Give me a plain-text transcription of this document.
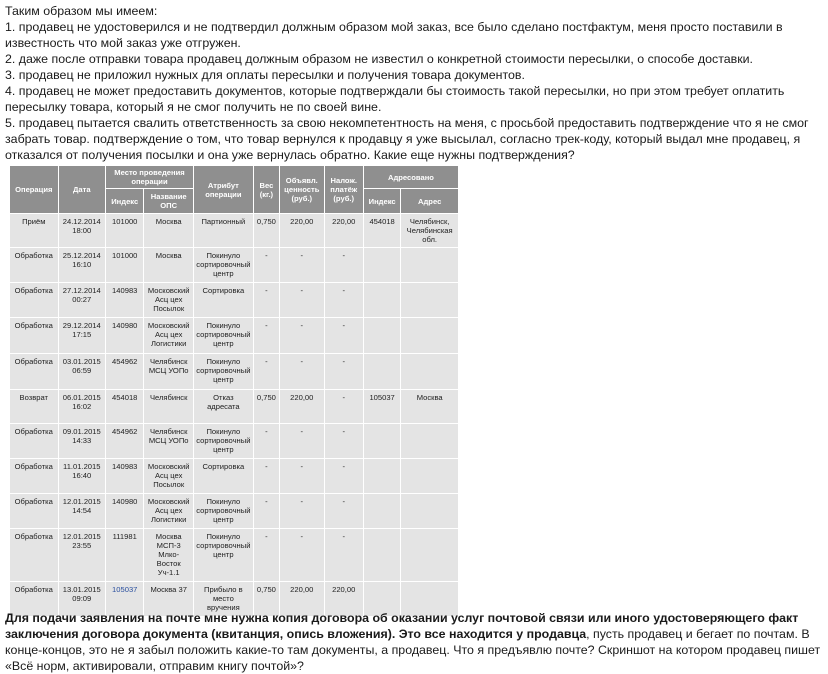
Таким образом мы имеем:

1. продавец не удостоверился и не подтвердил должным образом мой заказ, все было сделано постфактум, меня просто поставили в известность что мой заказ уже отгружен.

2. даже после отправки товара продавец должным образом не известил о конкретной стоимости пересылки, о способе доставки.

3. продавец не приложил нужных для оплаты пересылки и получения товара документов.

4. продавец не может предоставить документов, которые подтверждали бы стоимость такой пересылки, но при этом требует оплатить пересылку товара, который я не смог получить не по своей вине.

5. продавец пытается свалить ответственность за свою некомпетентность на меня, с просьбой предоставить подтверждение что я не смог забрать товар. подтверждение о том, что товар вернулся к продавцу я уже высылал, согласно трек-коду, который выдал мне продавец, я отказался от получения посылки и она уже вернулась обратно. Какие еще нужны подтверждения?

Операция	Дата	Место проведения операции		Атрибут операции	Вес (кг.)	Объявл. ценность (руб.)	Налож. платёж (руб.)	Адресовано	
		Индекс	Название ОПС					Индекс	Адрес
Приём	24.12.2014 18:00	101000	Москва	Партионный	0,750	220,00	220,00	454018	Челябинск, Челябинская обл.
Обработка	25.12.2014 16:10	101000	Москва	Покинуло сортировочный центр	-	-	-		
Обработка	27.12.2014 00:27	140983	Московский Асц цех Посылок	Сортировка	-	-	-		
Обработка	29.12.2014 17:15	140980	Московский Асц цех Логистики	Покинуло сортировочный центр	-	-	-		
Обработка	03.01.2015 06:59	454962	Челябинск МСЦ УОПо	Покинуло сортировочный центр	-	-	-		
Возврат	06.01.2015 16:02	454018	Челябинск	Отказ адресата	0,750	220,00	-	105037	Москва
Обработка	09.01.2015 14:33	454962	Челябинск МСЦ УОПо	Покинуло сортировочный центр	-	-	-		
Обработка	11.01.2015 16:40	140983	Московский Асц цех Посылок	Сортировка	-	-	-		
Обработка	12.01.2015 14:54	140980	Московский Асц цех Логистики	Покинуло сортировочный центр	-	-	-		
Обработка	12.01.2015 23:55	111981	Москва МСП-3 Млко-Восток Уч-1.1	Покинуло сортировочный центр	-	-	-		
Обработка	13.01.2015 09:09	105037	Москва 37	Прибыло в место вручения	0,750	220,00	220,00		
Для подачи заявления на почте мне нужна копия договора об оказании услуг почтовой связи или иного удостоверяющего факт заключения договора документа (квитанция, опись вложения). Это все находится у продавца, пусть продавец и бегает по почтам. В конце-концов, это не я забыл положить какие-то там документы, а продавец. Что я предъявлю почте? Скриншот на котором продавец пишет «Всё норм, активировали, отправим книгу почтой»?
